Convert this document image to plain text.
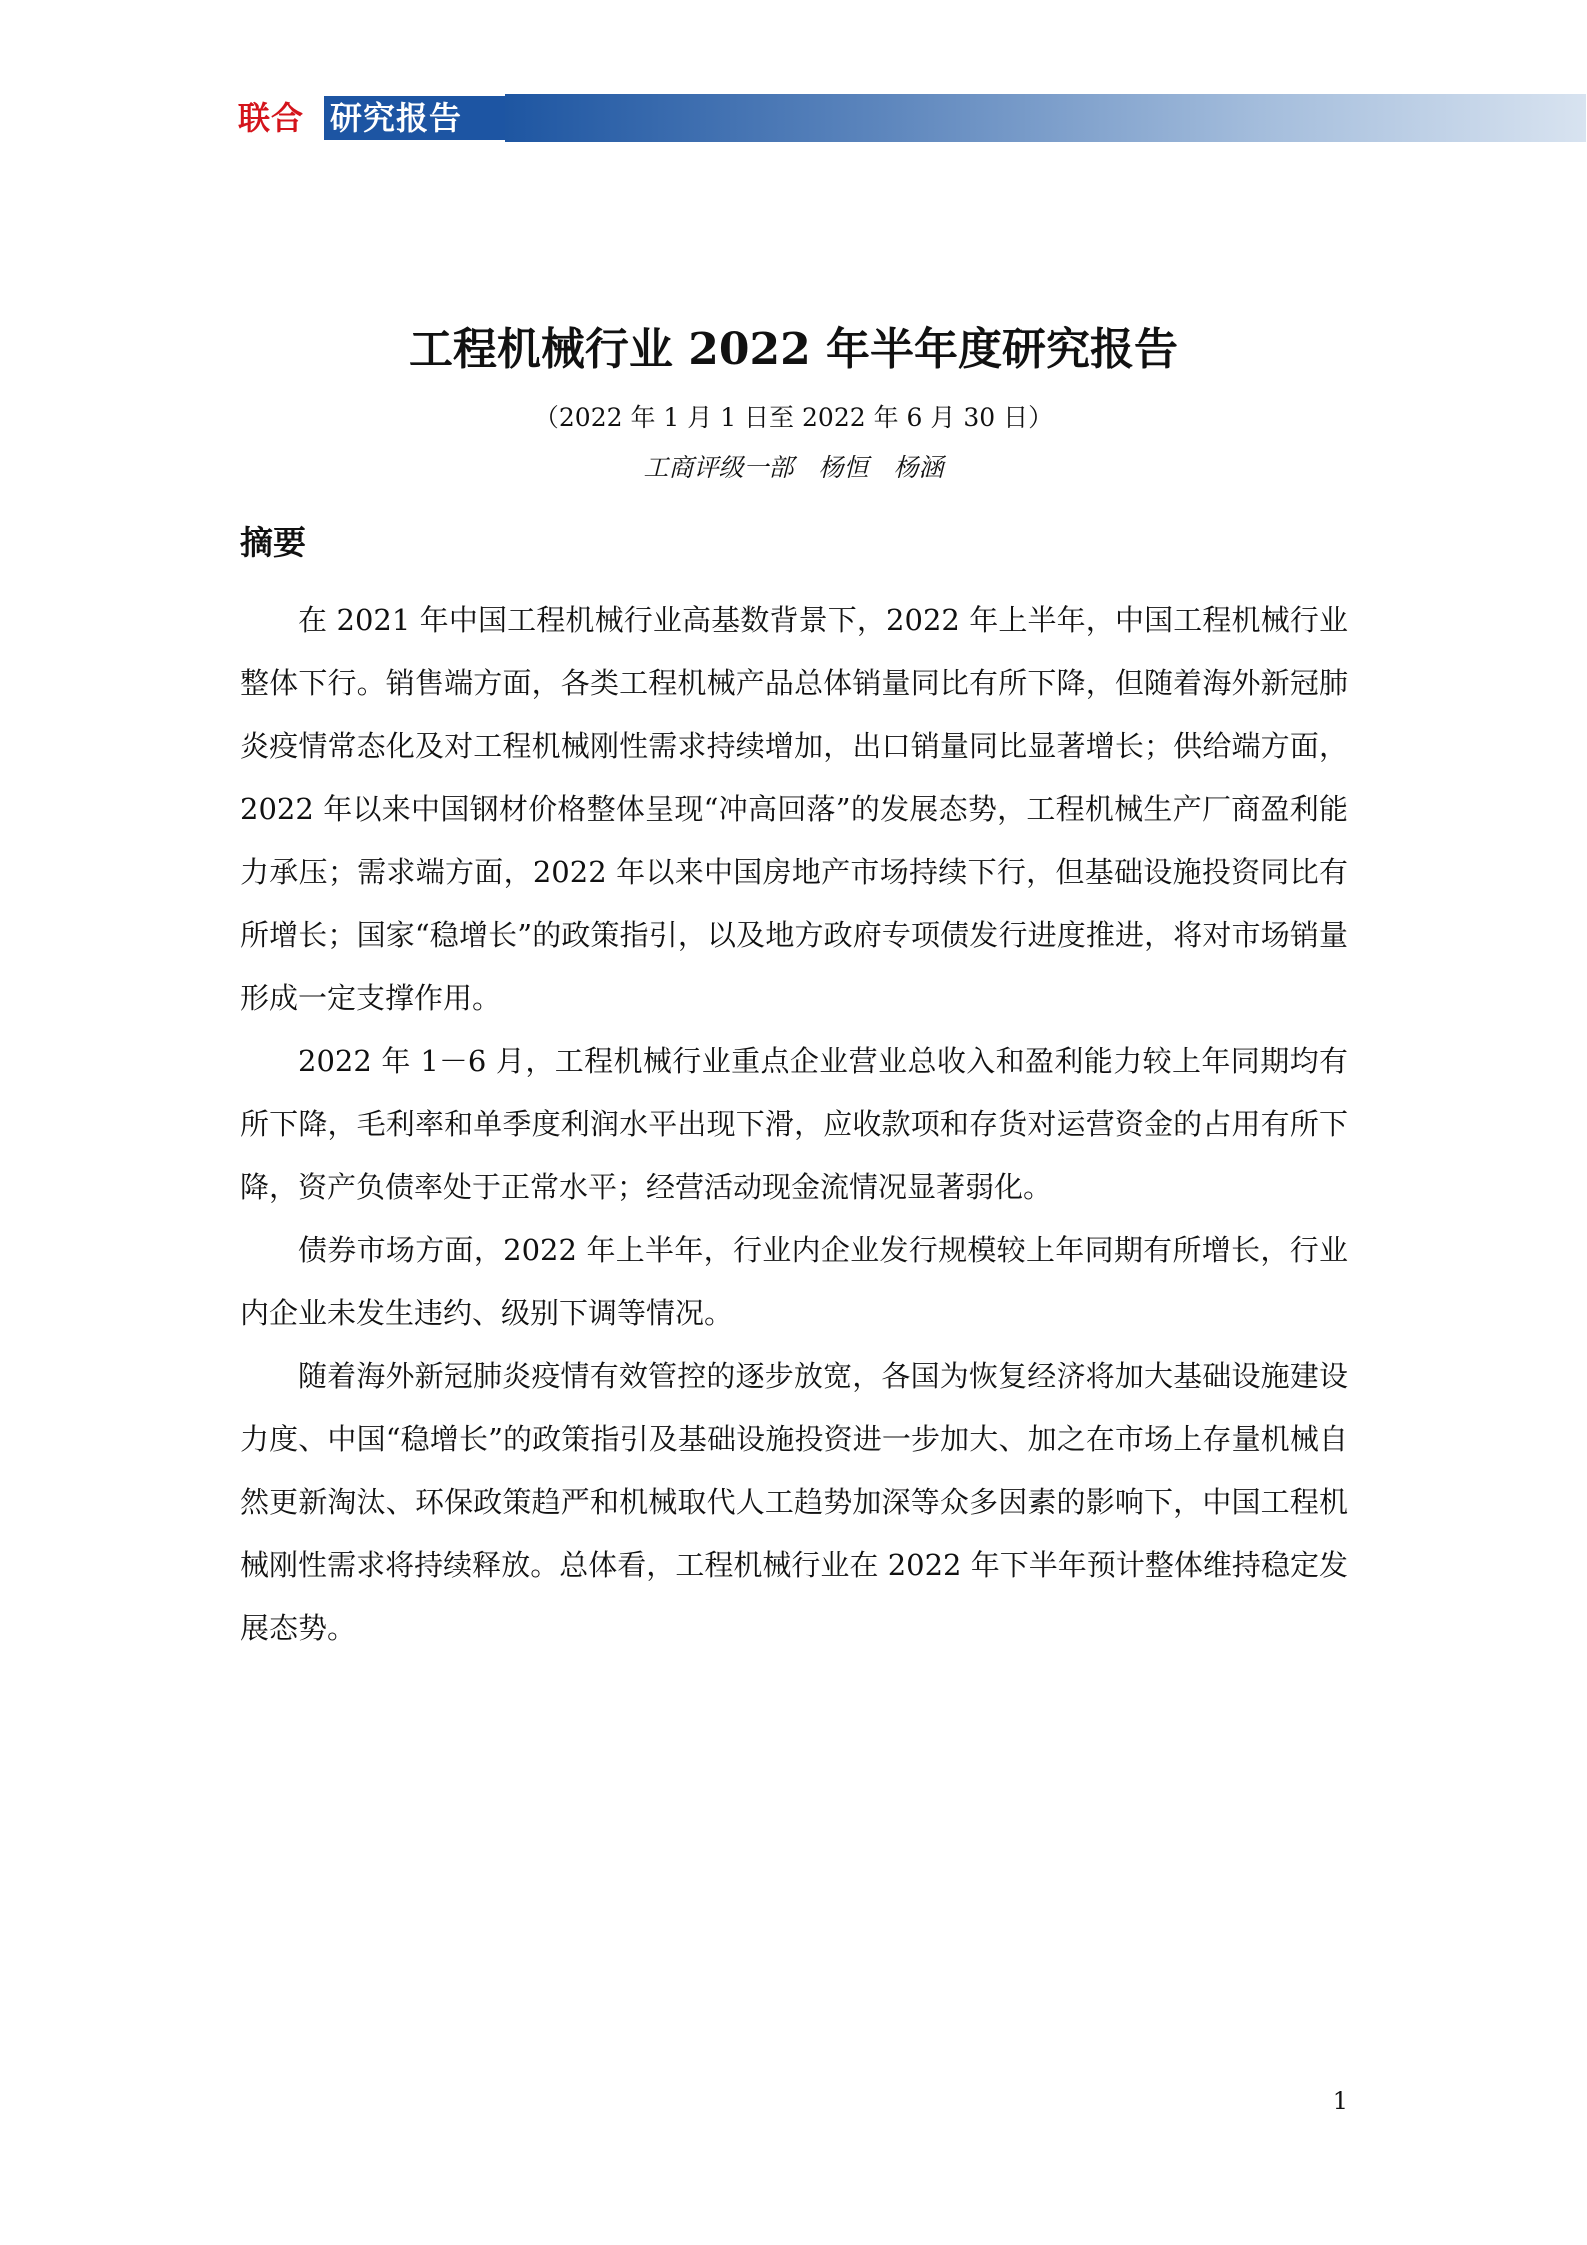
联合 研究报告
工程机械行业 2022 年半年度研究报告
（2022 年 1 月 1 日至 2022 年 6 月 30 日）
工商评级一部　杨恒　杨涵
摘要

在 2021 年中国工程机械行业高基数背景下，2022 年上半年，中国工程机械行业整体下行。销售端方面，各类工程机械产品总体销量同比有所下降，但随着海外新冠肺炎疫情常态化及对工程机械刚性需求持续增加，出口销量同比显著增长；供给端方面，2022 年以来中国钢材价格整体呈现“冲高回落”的发展态势，工程机械生产厂商盈利能力承压；需求端方面，2022 年以来中国房地产市场持续下行，但基础设施投资同比有所增长；国家“稳增长”的政策指引，以及地方政府专项债发行进度推进，将对市场销量形成一定支撑作用。

2022 年 1－6 月，工程机械行业重点企业营业总收入和盈利能力较上年同期均有所下降，毛利率和单季度利润水平出现下滑，应收款项和存货对运营资金的占用有所下降，资产负债率处于正常水平；经营活动现金流情况显著弱化。

债券市场方面，2022 年上半年，行业内企业发行规模较上年同期有所增长，行业内企业未发生违约、级别下调等情况。

随着海外新冠肺炎疫情有效管控的逐步放宽，各国为恢复经济将加大基础设施建设力度、中国“稳增长”的政策指引及基础设施投资进一步加大、加之在市场上存量机械自然更新淘汰、环保政策趋严和机械取代人工趋势加深等众多因素的影响下，中国工程机械刚性需求将持续释放。总体看，工程机械行业在 2022 年下半年预计整体维持稳定发展态势。

1
